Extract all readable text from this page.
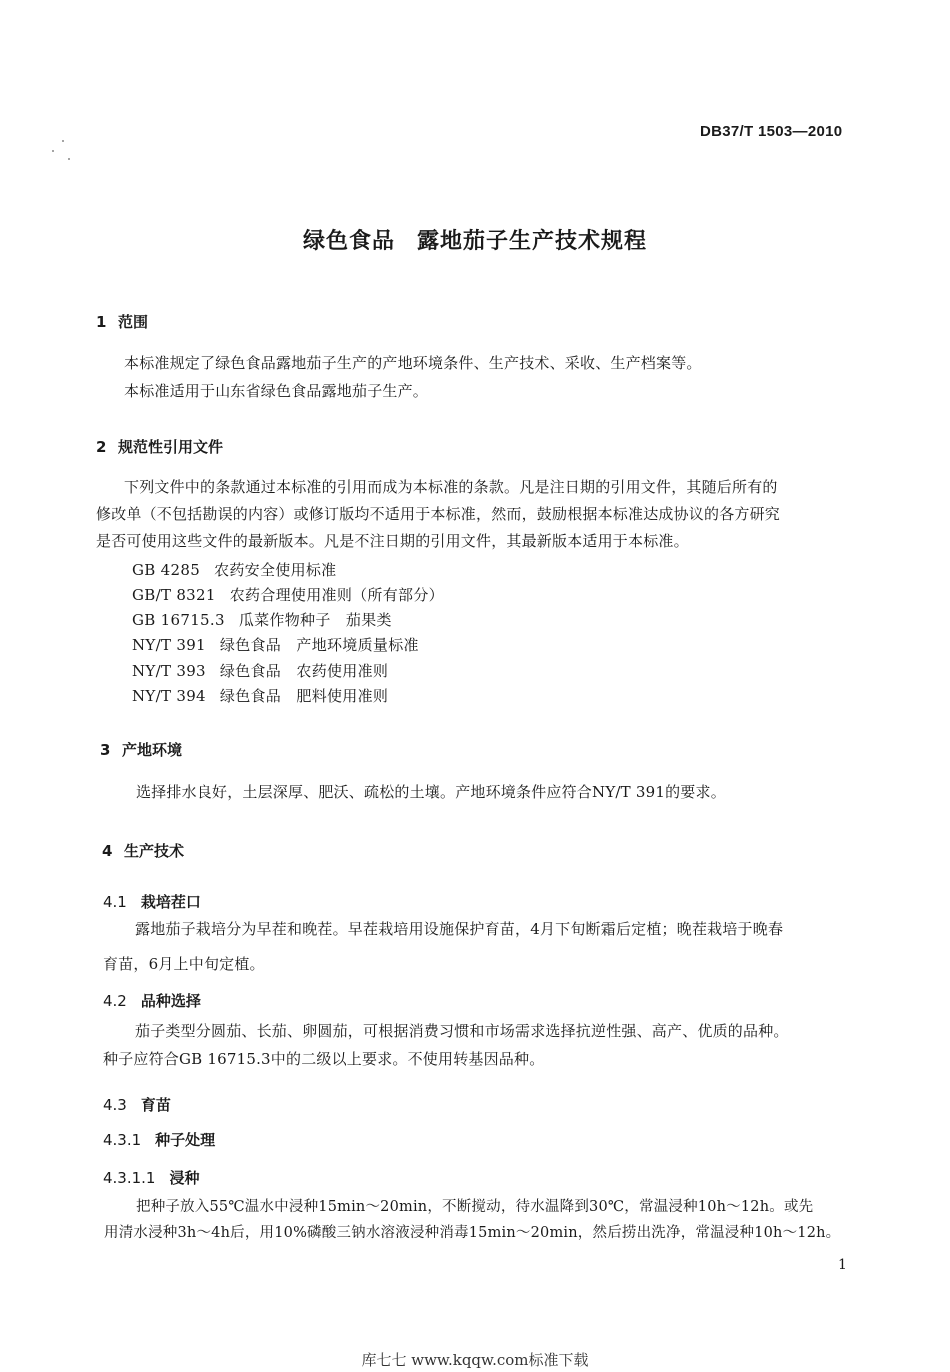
DB37/T 1503—2010
绿色食品 露地茄子生产技术规程
1 范围
本标准规定了绿色食品露地茄子生产的产地环境条件、生产技术、采收、生产档案等。
本标准适用于山东省绿色食品露地茄子生产。
2 规范性引用文件
下列文件中的条款通过本标准的引用而成为本标准的条款。凡是注日期的引用文件，其随后所有的
修改单（不包括勘误的内容）或修订版均不适用于本标准，然而，鼓励根据本标准达成协议的各方研究
是否可使用这些文件的最新版本。凡是不注日期的引用文件，其最新版本适用于本标准。
GB 4285 农药安全使用标准
GB/T 8321 农药合理使用准则（所有部分）
GB 16715.3 瓜菜作物种子　茄果类
NY/T 391 绿色食品　产地环境质量标准
NY/T 393 绿色食品　农药使用准则
NY/T 394 绿色食品　肥料使用准则
3 产地环境
选择排水良好，土层深厚、肥沃、疏松的土壤。产地环境条件应符合NY/T 391的要求。
4 生产技术
4.1 栽培茬口
露地茄子栽培分为早茬和晚茬。早茬栽培用设施保护育苗，4月下旬断霜后定植；晚茬栽培于晚春
育苗，6月上中旬定植。
4.2 品种选择
茄子类型分圆茄、长茄、卵圆茄，可根据消费习惯和市场需求选择抗逆性强、高产、优质的品种。
种子应符合GB 16715.3中的二级以上要求。不使用转基因品种。
4.3 育苗
4.3.1 种子处理
4.3.1.1 浸种
把种子放入55℃温水中浸种15min～20min，不断搅动，待水温降到30℃，常温浸种10h～12h。或先
用清水浸种3h～4h后，用10%磷酸三钠水溶液浸种消毒15min～20min，然后捞出洗净，常温浸种10h～12h。
1
库七七 www.kqqw.com标准下载
